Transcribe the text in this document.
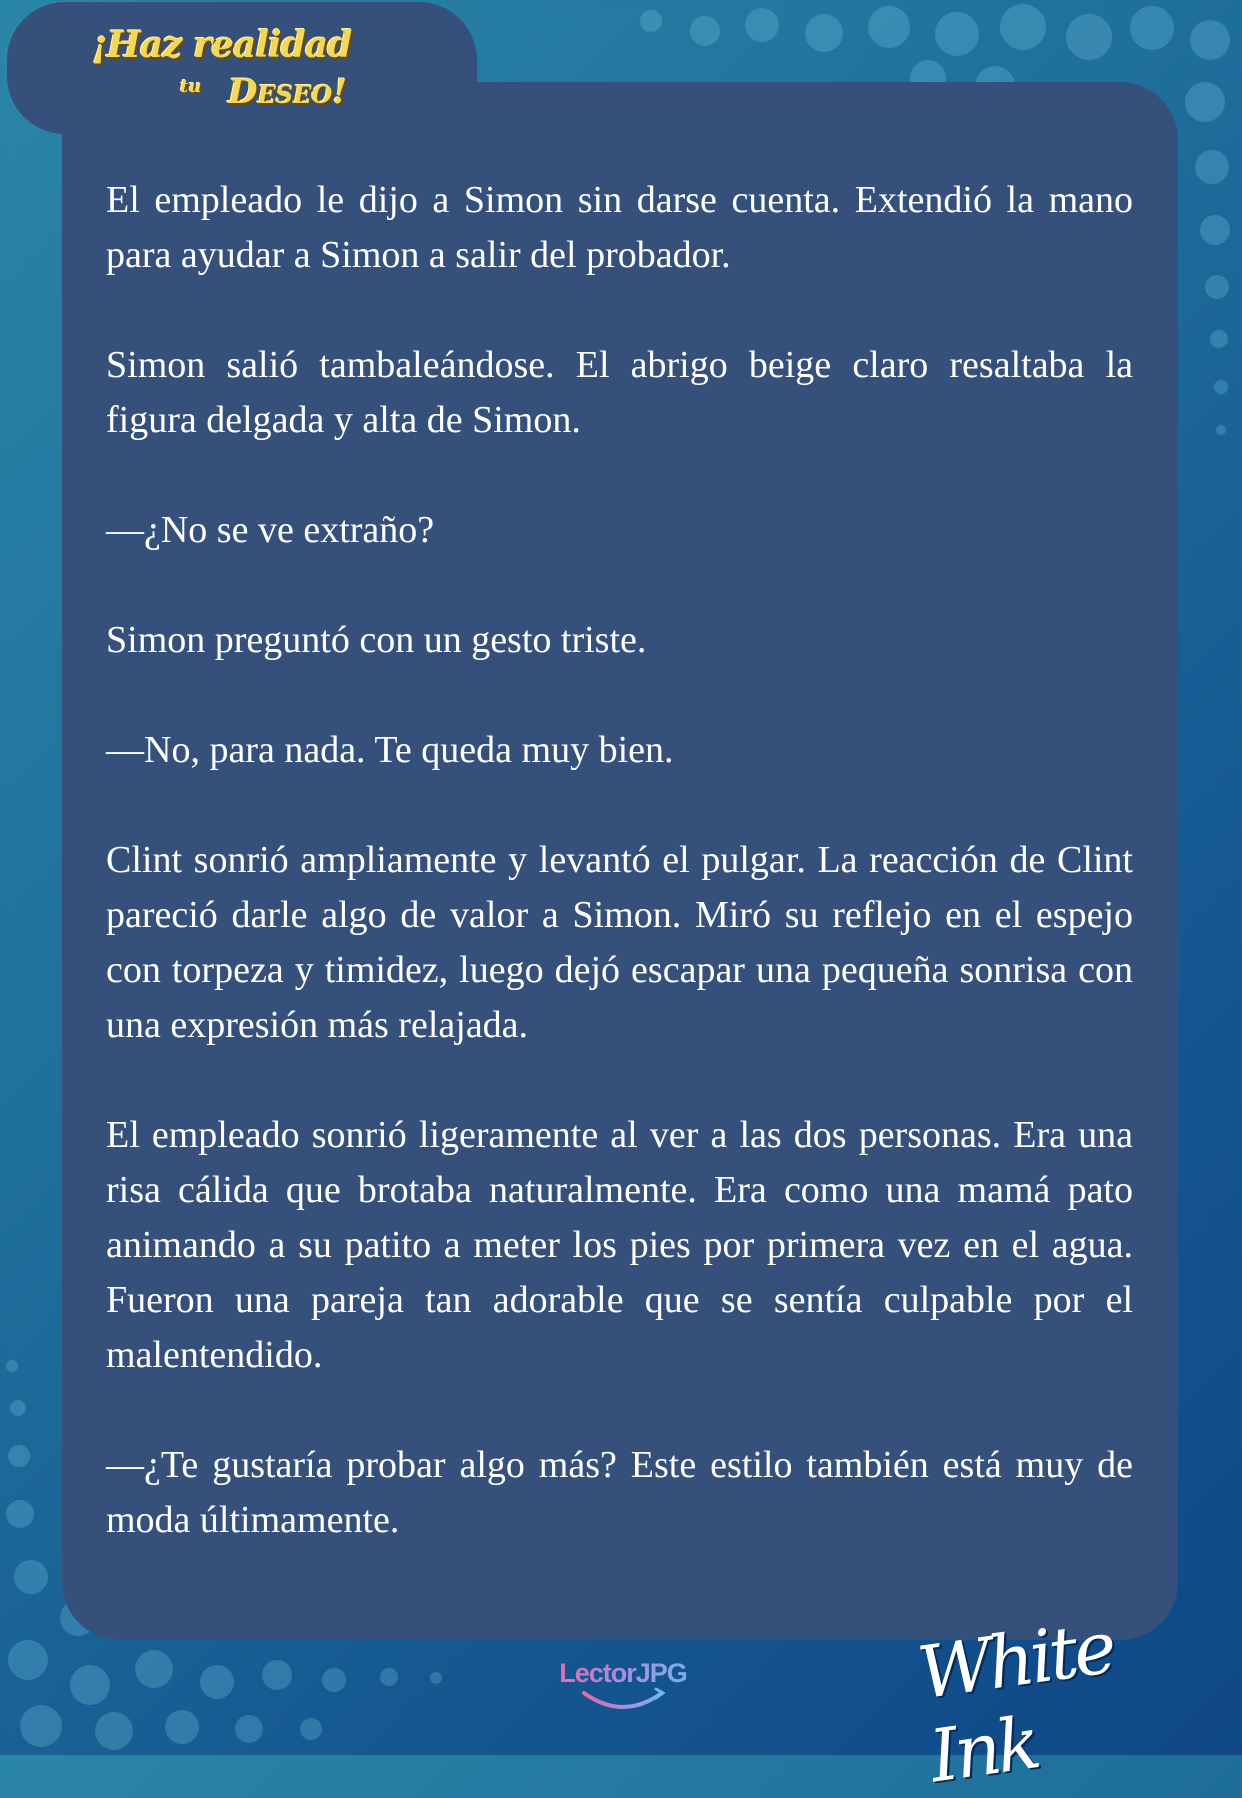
¡Haz realidad
tu Deseo!

El empleado le dijo a Simon sin darse cuenta. Extendió la mano para ayudar a Simon a salir del probador.

Simon salió tambaleándose. El abrigo beige claro resaltaba la figura delgada y alta de Simon.

—¿No se ve extraño?

Simon preguntó con un gesto triste.

—No, para nada. Te queda muy bien.

Clint sonrió ampliamente y levantó el pulgar. La reacción de Clint pareció darle algo de valor a Simon. Miró su reflejo en el espejo con torpeza y timidez, luego dejó escapar una pequeña sonrisa con una expresión más relajada.

El empleado sonrió ligeramente al ver a las dos personas. Era una risa cálida que brotaba naturalmente. Era como una mamá pato animando a su patito a meter los pies por primera vez en el agua. Fueron una pareja tan adorable que se sentía culpable por el malentendido.

—¿Te gustaría probar algo más? Este estilo también está muy de moda últimamente.

LectorJPG	White Ink
